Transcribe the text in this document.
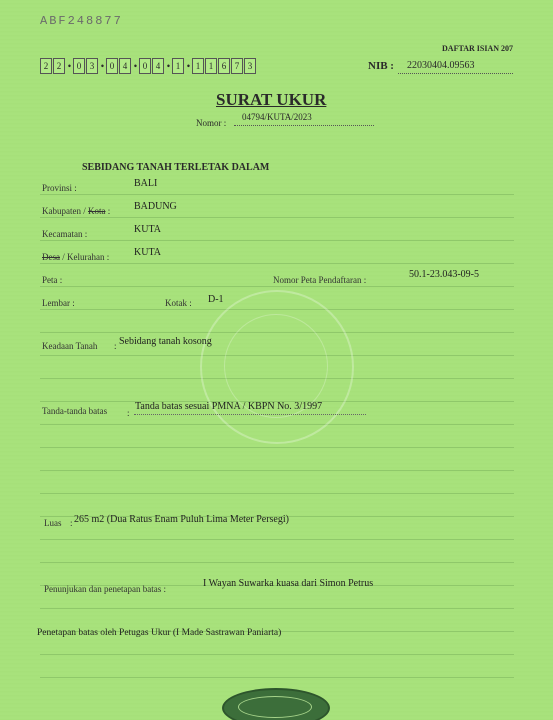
ABF248877
DAFTAR ISIAN 207
2 2 • 0 3 • 0 4 • 0 4 • 1 • 1 1 6 7 3	NIB : 22030404.09563
SURAT UKUR
Nomor :
04794/KUTA/2023
SEBIDANG TANAH TERLETAK DALAM
Provinsi :	BALI
Kabupaten / Kota : BADUNG
Kecamatan :	KUTA
Desa / Kelurahan : KUTA
Peta :	Nomor Peta Pendaftaran :	50.1-23.043-09-5
Lembar :	Kotak : D-1
Keadaan Tanah : Sebidang tanah kosong
Tanda-tanda batas :
Tanda batas sesuai PMNA / KBPN No. 3/1997
Luas : 265 m2 (Dua Ratus Enam Puluh Lima Meter Persegi)
Penunjukan dan penetapan batas :	I Wayan Suwarka kuasa dari Simon Petrus
Penetapan batas oleh Petugas Ukur (I Made Sastrawan Paniarta)
